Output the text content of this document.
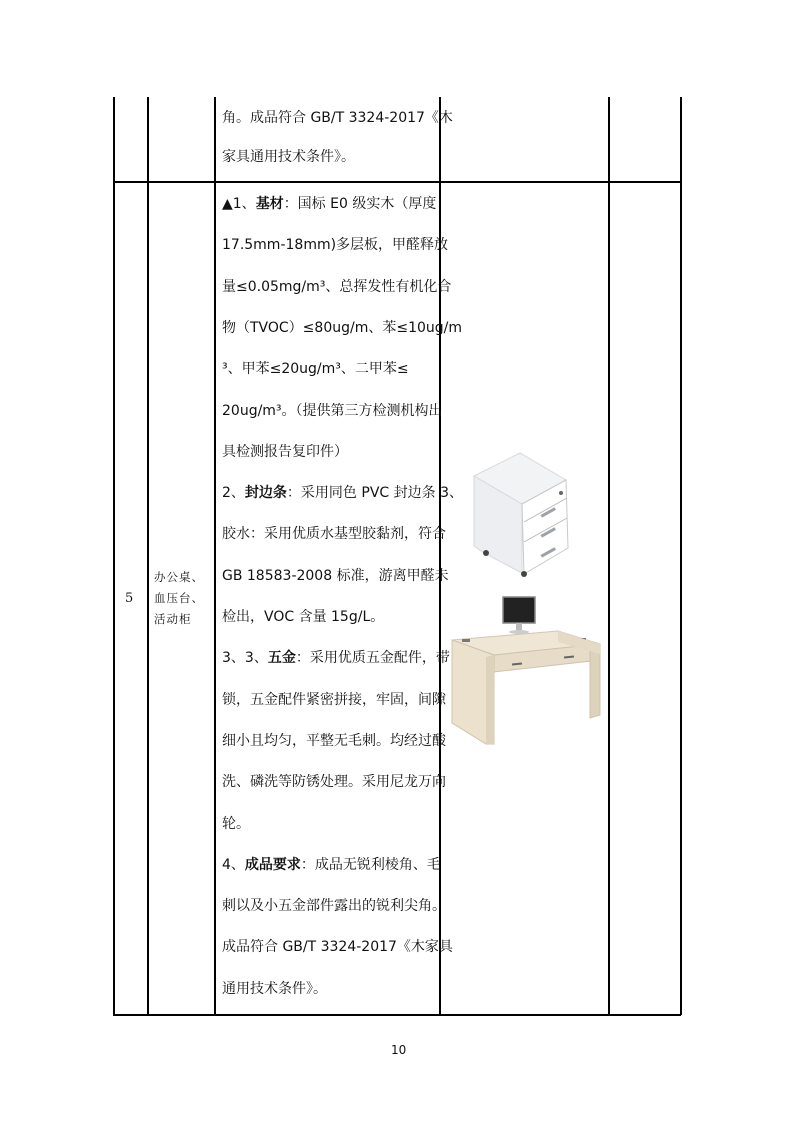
角。成品符合 GB/T 3324-2017《木
家具通用技术条件》。
5
办公桌、
血压台、
活动柜
▲1、基材：国标 E0 级实木（厚度
17.5mm-18mm)多层板，甲醛释放
量≤0.05mg/m³、总挥发性有机化合
物（TVOC）≤80ug/m、苯≤10ug/m
³、甲苯≤20ug/m³、二甲苯≤
20ug/m³。（提供第三方检测机构出
具检测报告复印件）
2、封边条：采用同色 PVC 封边条 3、
胶水：采用优质水基型胶黏剂，符合
GB 18583-2008 标准，游离甲醛未
检出，VOC 含量 15g/L。
3、3、五金：采用优质五金配件，带
锁，五金配件紧密拼接，牢固，间隙
细小且均匀，平整无毛刺。均经过酸
洗、磷洗等防锈处理。采用尼龙万向
轮。
4、成品要求：成品无锐利棱角、毛
刺以及小五金部件露出的锐利尖角。
成品符合 GB/T 3324-2017《木家具
通用技术条件》。
10
